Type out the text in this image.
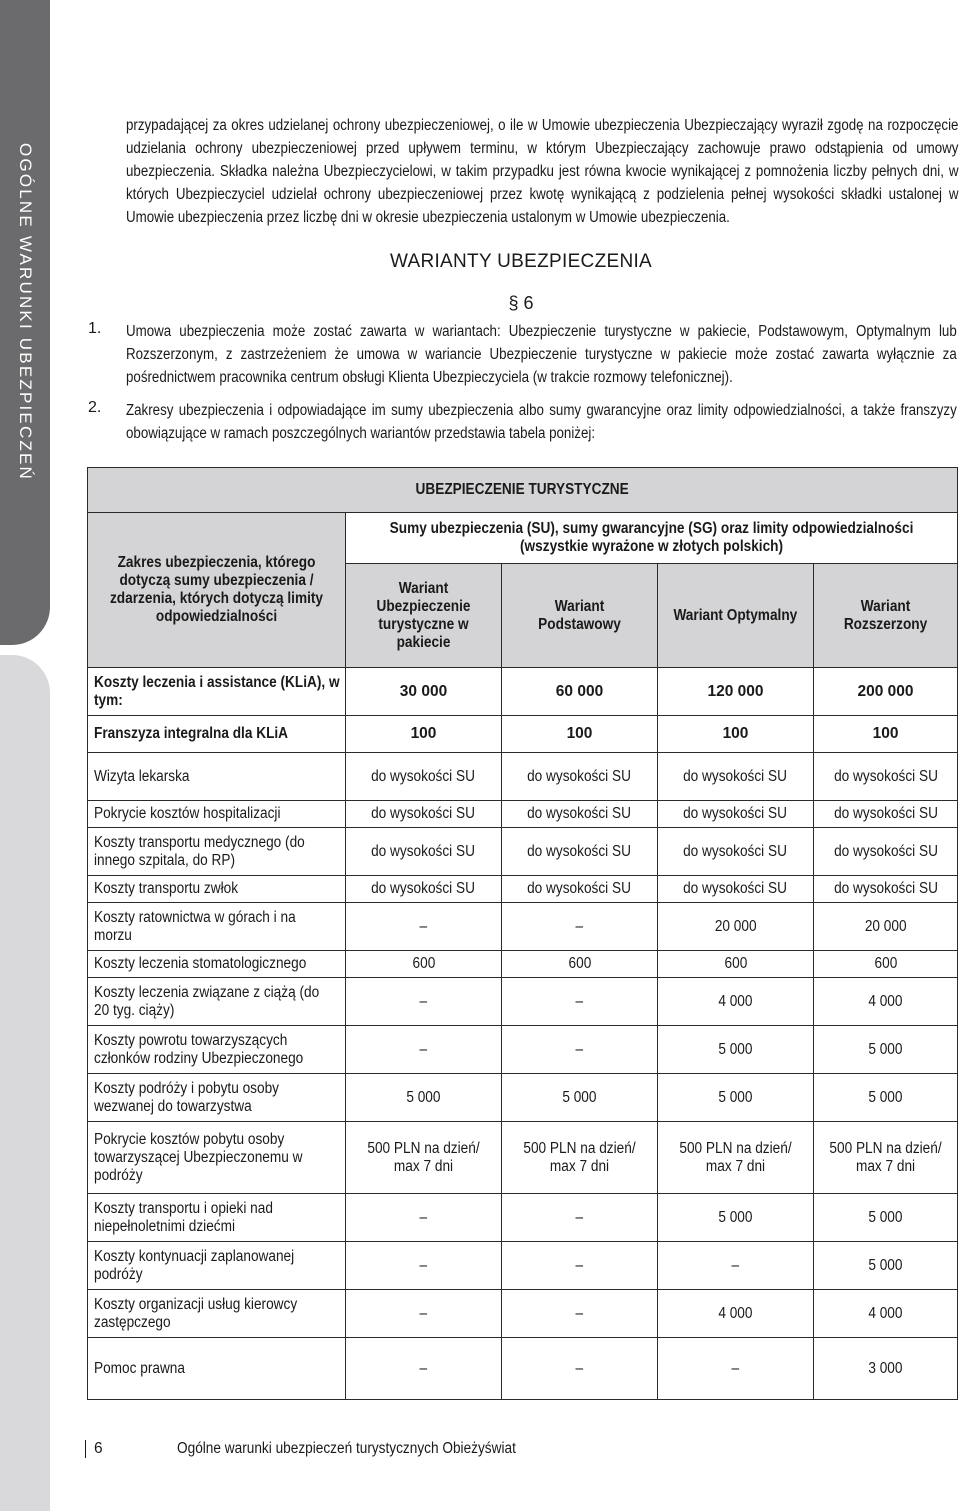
OGÓLNE WARUNKI UBEZPIECZEŃ

przypadającej za okres udzielanej ochrony ubezpieczeniowej, o ile w Umowie ubezpieczenia Ubezpieczający wyraził zgodę na rozpoczęcie udzielania ochrony ubezpieczeniowej przed upływem terminu, w którym Ubezpieczający zachowuje prawo odstąpienia od umowy ubezpieczenia. Składka należna Ubezpieczycielowi, w takim przypadku jest równa kwocie wynikającej z pomnożenia liczby pełnych dni, w których Ubezpieczyciel udzielał ochrony ubezpieczeniowej przez kwotę wynikającą z podzielenia pełnej wysokości składki ustalonej w Umowie ubezpieczenia przez liczbę dni w okresie ubezpieczenia ustalonym w Umowie ubezpieczenia.

WARIANTY UBEZPIECZENIA
§ 6
1. Umowa ubezpieczenia może zostać zawarta w wariantach: Ubezpieczenie turystyczne w pakiecie, Podstawowym, Optymalnym lub Rozszerzonym, z zastrzeżeniem że umowa w wariancie Ubezpieczenie turystyczne w pakiecie może zostać zawarta wyłącznie za pośrednictwem pracownika centrum obsługi Klienta Ubezpieczyciela (w trakcie rozmowy telefonicznej).

2. Zakresy ubezpieczenia i odpowiadające im sumy ubezpieczenia albo sumy gwarancyjne oraz limity odpowiedzialności, a także franszyzy obowiązujące w ramach poszczególnych wariantów przedstawia tabela poniżej:

UBEZPIECZENIE TURYSTYCZNE				
Zakres ubezpieczenia, którego dotyczą sumy ubezpieczenia / zdarzenia, których dotyczą limity odpowiedzialności	Sumy ubezpieczenia (SU), sumy gwarancyjne (SG) oraz limity odpowiedzialności
(wszystkie wyrażone w złotych polskich)			

	Wariant Ubezpieczenie turystyczne w pakiecie	Wariant Podstawowy	Wariant Optymalny	Wariant Rozszerzony
Koszty leczenia i assistance (KLiA), w tym:	30 000	60 000	120 000	200 000
Franszyza integralna dla KLiA	100	100	100	100
Wizyta lekarska	do wysokości SU	do wysokości SU	do wysokości SU	do wysokości SU
Pokrycie kosztów hospitalizacji	do wysokości SU	do wysokości SU	do wysokości SU	do wysokości SU
Koszty transportu medycznego (do innego szpitala, do RP)	do wysokości SU	do wysokości SU	do wysokości SU	do wysokości SU
Koszty transportu zwłok	do wysokości SU	do wysokości SU	do wysokości SU	do wysokości SU
Koszty ratownictwa w górach i na morzu	–	–	20 000	20 000
Koszty leczenia stomatologicznego	600	600	600	600
Koszty leczenia związane z ciążą (do 20 tyg. ciąży)	–	–	4 000	4 000
Koszty powrotu towarzyszących członków rodziny Ubezpieczonego	–	–	5 000	5 000
Koszty podróży i pobytu osoby wezwanej do towarzystwa	5 000	5 000	5 000	5 000
Pokrycie kosztów pobytu osoby towarzyszącej Ubezpieczonemu w podróży	500 PLN na dzień/ max 7 dni	500 PLN na dzień/ max 7 dni	500 PLN na dzień/ max 7 dni	500 PLN na dzień/ max 7 dni
Koszty transportu i opieki nad niepełnoletnimi dziećmi	–	–	5 000	5 000
Koszty kontynuacji zaplanowanej podróży	–	–	–	5 000
Koszty organizacji usług kierowcy zastępczego	–	–	4 000	4 000
Pomoc prawna	–	–	–	3 000
6	Ogólne warunki ubezpieczeń turystycznych Obieżyświat
